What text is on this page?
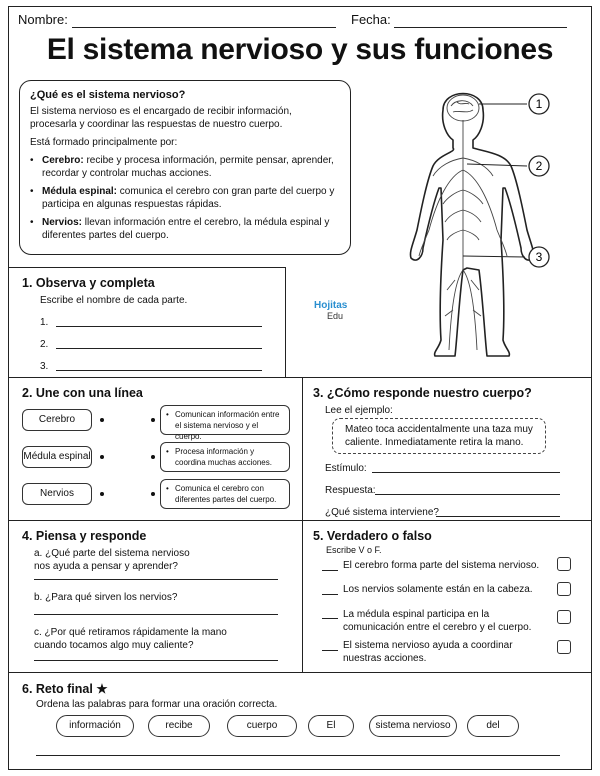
Nombre:	Fecha:
El sistema nervioso y sus funciones
¿Qué es el sistema nervioso?
El sistema nervioso es el encargado de recibir información, procesarla y coordinar las respuestas de nuestro cuerpo.
Está formado principalmente por:
• Cerebro: recibe y procesa información, permite pensar, aprender, recordar y controlar muchas acciones.
• Médula espinal: comunica el cerebro con gran parte del cuerpo y participa en algunas respuestas rápidas.
• Nervios: llevan información entre el cerebro, la médula espinal y diferentes partes del cuerpo.
1
2
3
Hojitas
Edu
1. Observa y completa
Escribe el nombre de cada parte.
1.
2.
3.
2. Une con una línea
Cerebro
Médula espinal
Nervios
• Comunican información entre el sistema nervioso y el cuerpo.
• Procesa información y coordina muchas acciones.
• Comunica el cerebro con diferentes partes del cuerpo.
3. ¿Cómo responde nuestro cuerpo?
Lee el ejemplo:
Mateo toca accidentalmente una taza muy caliente. Inmediatamente retira la mano.
Estímulo:
Respuesta:
¿Qué sistema interviene?
4. Piensa y responde
a. ¿Qué parte del sistema nervioso nos ayuda a pensar y aprender?
b. ¿Para qué sirven los nervios?
c. ¿Por qué retiramos rápidamente la mano cuando tocamos algo muy caliente?
5. Verdadero o falso
Escribe V o F.
El cerebro forma parte del sistema nervioso.
Los nervios solamente están en la cabeza.
La médula espinal participa en la comunicación entre el cerebro y el cuerpo.
El sistema nervioso ayuda a coordinar nuestras acciones.
6. Reto final ★
Ordena las palabras para formar una oración correcta.
información	recibe	cuerpo	El	sistema nervioso	del
